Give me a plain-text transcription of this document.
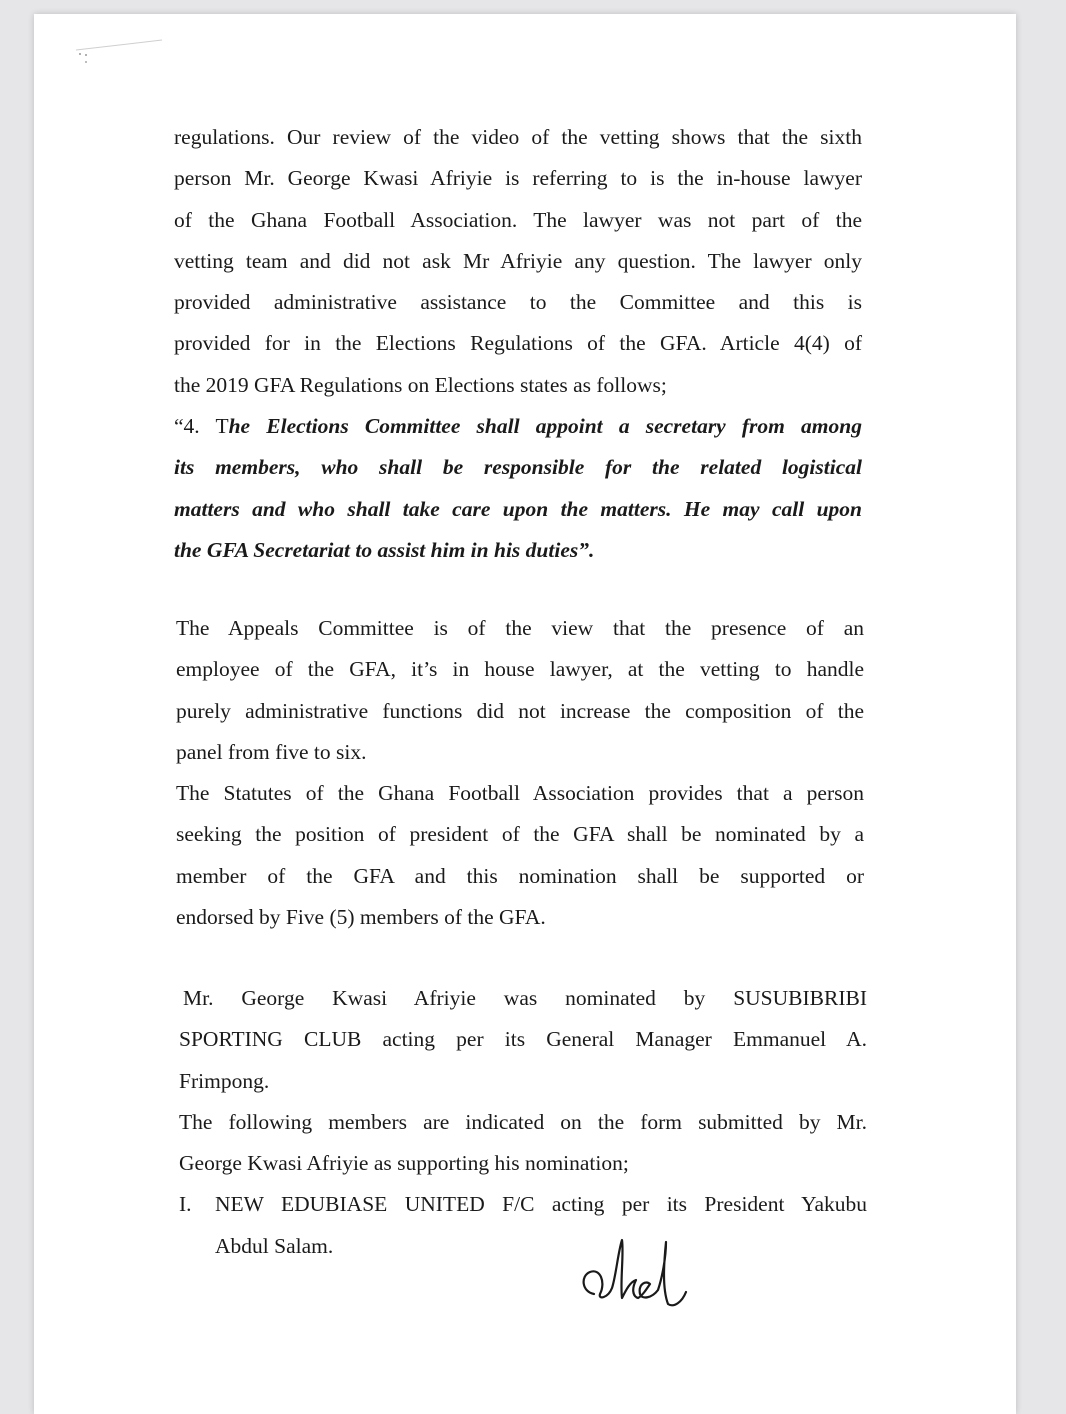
regulations. Our review of the video of the vetting shows that the sixth
person Mr. George Kwasi Afriyie is referring to is the in-house lawyer
of the Ghana Football Association. The lawyer was not part of the
vetting team and did not ask Mr Afriyie any question. The lawyer only
provided administrative assistance to the Committee and this is
provided for in the Elections Regulations of the GFA. Article 4(4) of
the 2019 GFA Regulations on Elections states as follows;
“4. The Elections Committee shall appoint a secretary from among
its members, who shall be responsible for the related logistical
matters and who shall take care upon the matters. He may call upon
the GFA Secretariat to assist him in his duties”.
The Appeals Committee is of the view that the presence of an
employee of the GFA, it’s in house lawyer, at the vetting to handle
purely administrative functions did not increase the composition of the
panel from five to six.
The Statutes of the Ghana Football Association provides that a person
seeking the position of president of the GFA shall be nominated by a
member of the GFA and this nomination shall be supported or
endorsed by Five (5) members of the GFA.
Mr. George Kwasi Afriyie was nominated by SUSUBIBRIBI
SPORTING CLUB acting per its General Manager Emmanuel A.
Frimpong.
The following members are indicated on the form submitted by Mr.
George Kwasi Afriyie as supporting his nomination;
I. NEW EDUBIASE UNITED F/C acting per its President Yakubu
Abdul Salam.
